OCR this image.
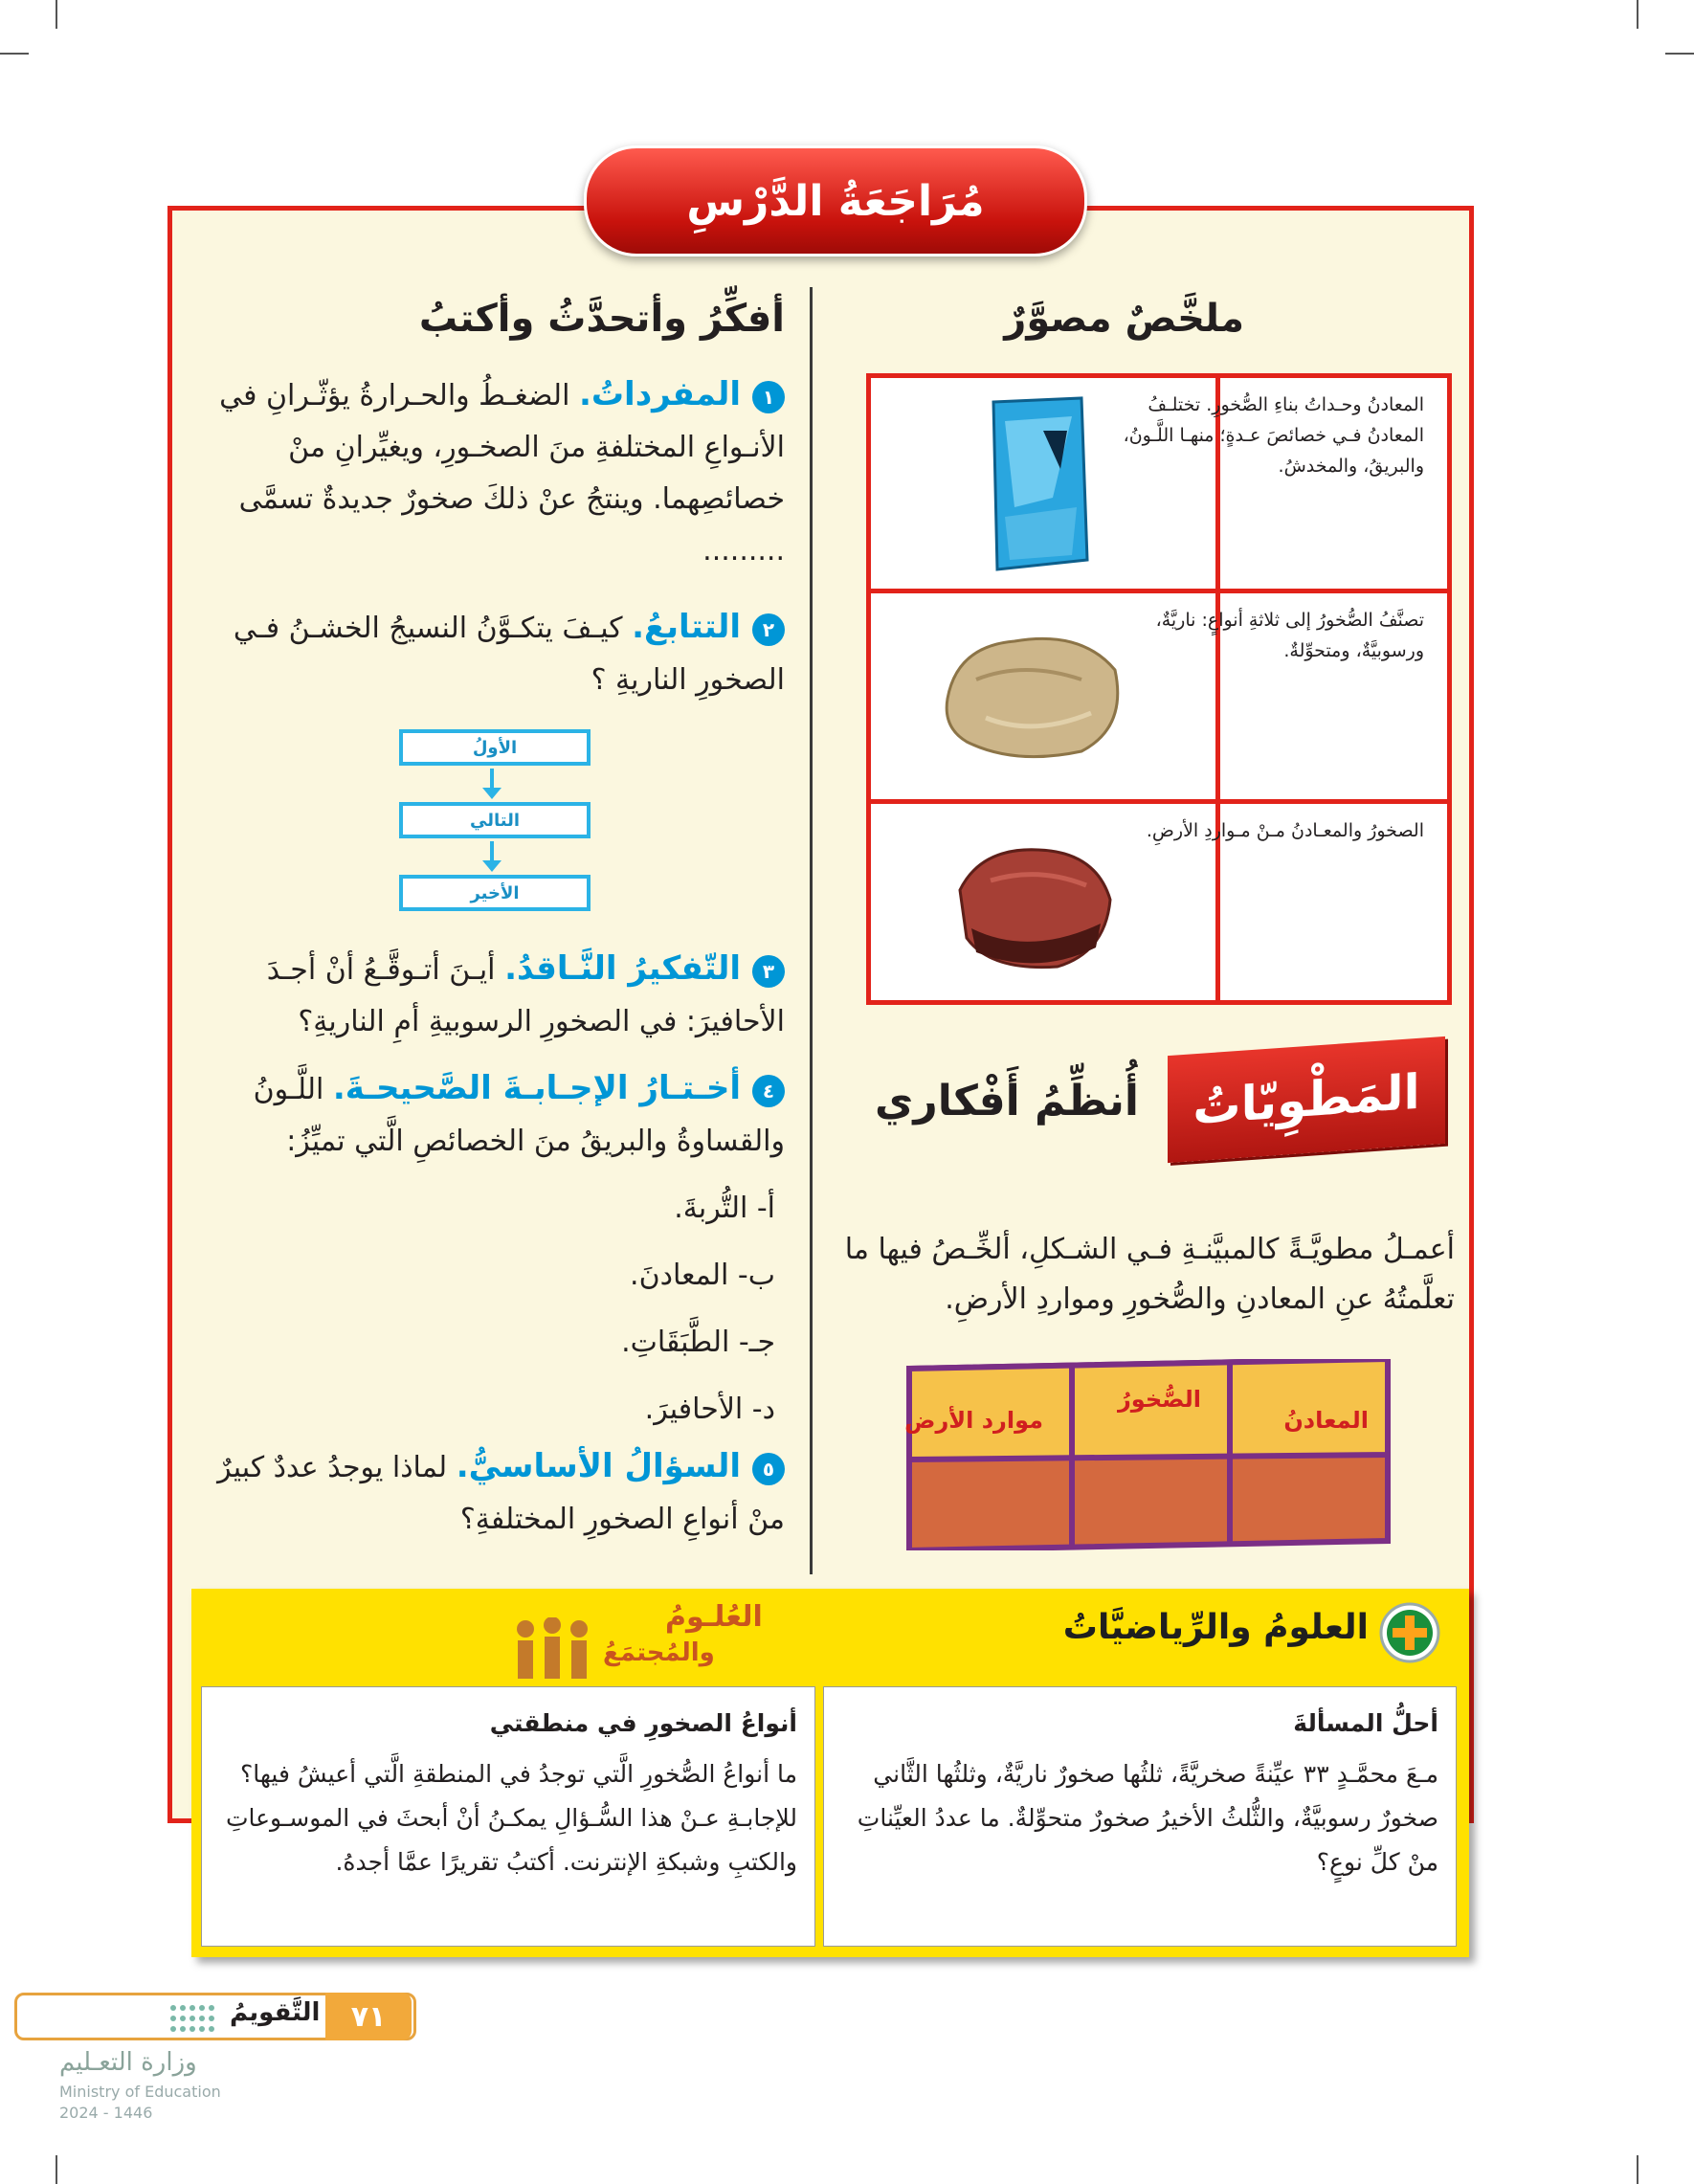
مُرَاجَعَةُ الدَّرْسِ
ملخَّصٌ مصوَّرٌ
المعادنُ وحـداتُ بناءِ الصُّخورِ. تختلـفُ المعادنُ فـي خصائصَ عـدةٍ؛ منهـا اللَّـونُ، والبريقُ، والمخدشُ.
تصنَّفُ الصُّخورُ إلى ثلاثةِ أنواعٍ: ناريَّةٌ، ورسوبيَّةٌ، ومتحوِّلةٌ.
الصخورُ والمعـادنُ مـنْ مـواردِ الأرضِ.
المَطْوِيّاتُ
أُنظِّمُ أَفْكاري
أعمـلُ مطويَّـةً كالمبيَّنـةِ فـي الشـكلِ، ألخِّـصُ فيها ما تعلَّمتُهُ عنِ المعادنِ والصُّخورِ ومواردِ الأرضِ.
المعادنُ
الصُّخورُ
موارد الأرض
أفكِّرُ وأتحدَّثُ وأكتبُ
١المفرداتُ. الضغـطُ والحـرارةُ يؤثّـرانِ في الأنـواعِ المختلفةِ منَ الصخـورِ، ويغيِّرانِ منْ خصائصِهما. وينتجُ عنْ ذلكَ صخورٌ جديدةٌ تسمَّى .........
٢التتابعُ. كيـفَ يتكـوَّنُ النسيجُ الخشـنُ فـي الصخورِ الناريةِ ؟
الأولُ
التالي
الأخير
٣التّفكيرُ النَّـاقدُ. أيـنَ أتـوقَّـعُ أنْ أجـدَ الأحافيرَ: في الصخورِ الرسوبيةِ أمِ الناريةِ؟
٤أخـتـارُ الإجـابـةَ الصَّحيحـةَ. اللَّـونُ والقساوةُ والبريقُ منَ الخصائصِ الَّتي تميِّزُ:
أ- التُّربةَ.
ب- المعادنَ.
جـ- الطَّبَقَاتِ.
د- الأحافيرَ.
٥السؤالُ الأساسيُّ. لماذا يوجدُ عددٌ كبيرٌ منْ أنواعِ الصخورِ المختلفةِ؟
العلومُ والرِّياضيَّاتُ
العُلـومُ
والمُجتمَعُ
أحلُّ المسألةَ
مـعَ محمَّـدٍ ٣٣ عيِّنةً صخريَّةً، ثلثُها صخورٌ ناريَّةٌ، وثلثُها الثَّاني صخورٌ رسوبيَّةٌ، والثُّلثُ الأخيرُ صخورٌ متحوِّلةٌ. ما عددُ العيِّناتِ منْ كلِّ نوعٍ؟
أنواعُ الصخورِ في منطقتي
ما أنواعُ الصُّخورِ الَّتي توجدُ في المنطقةِ الَّتي أعيشُ فيها؟ للإجابـةِ عـنْ هذا السُّـؤالِ يمكـنُ أنْ أبحثَ في الموسـوعاتِ والكتبِ وشبكةِ الإنترنت. أكتبُ تقريرًا عمَّا أجدهُ.
٧١
التَّقويمُ
وزارة التعـليم
Ministry of Education
2024 - 1446
